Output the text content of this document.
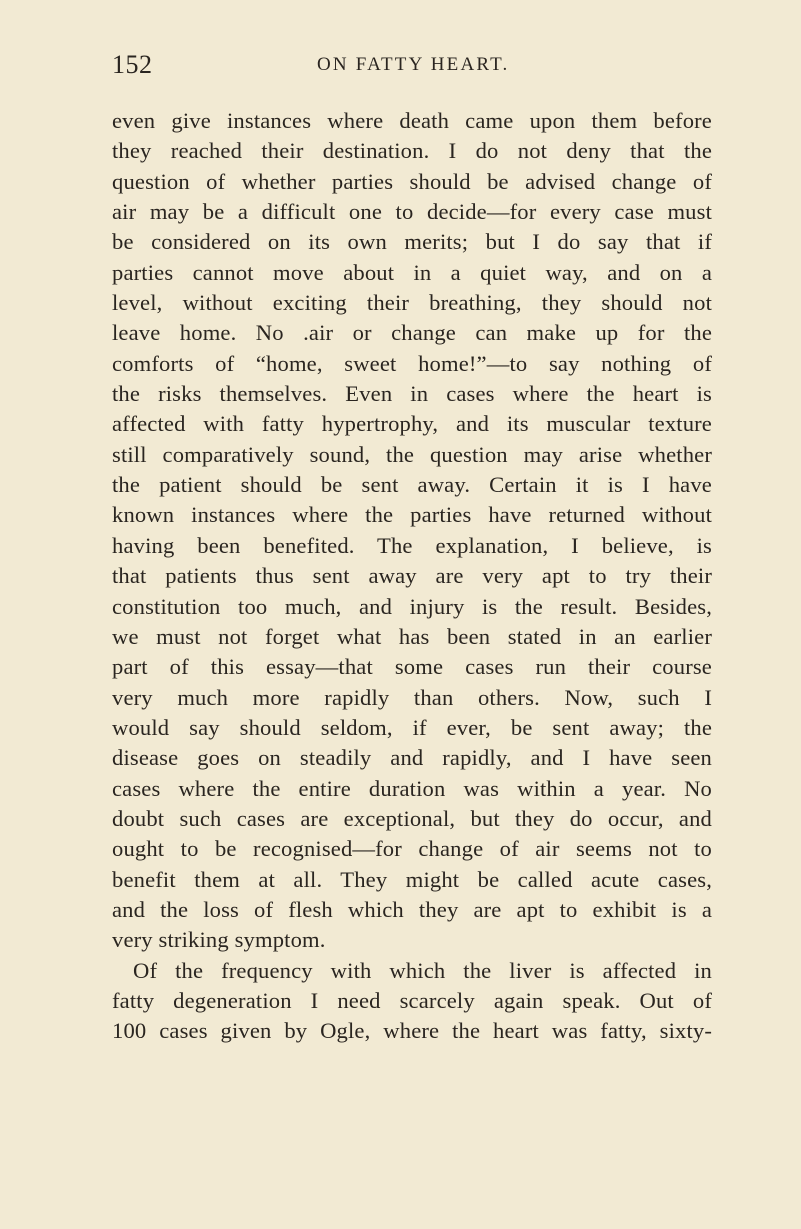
152	ON FATTY HEART.
even give instances where death came upon them before
they reached their destination. I do not deny that the
question of whether parties should be advised change of
air may be a difficult one to decide—for every case must
be considered on its own merits; but I do say that if
parties cannot move about in a quiet way, and on a
level, without exciting their breathing, they should not
leave home. No .air or change can make up for the
comforts of “home, sweet home!”—to say nothing of
the risks themselves. Even in cases where the heart is
affected with fatty hypertrophy, and its muscular texture
still comparatively sound, the question may arise whether
the patient should be sent away. Certain it is I have
known instances where the parties have returned without
having been benefited. The explanation, I believe, is
that patients thus sent away are very apt to try their
constitution too much, and injury is the result. Besides,
we must not forget what has been stated in an earlier
part of this essay—that some cases run their course
very much more rapidly than others. Now, such I
would say should seldom, if ever, be sent away; the
disease goes on steadily and rapidly, and I have seen
cases where the entire duration was within a year. No
doubt such cases are exceptional, but they do occur, and
ought to be recognised—for change of air seems not to
benefit them at all. They might be called acute cases,
and the loss of flesh which they are apt to exhibit is a
very striking symptom.
Of the frequency with which the liver is affected in
fatty degeneration I need scarcely again speak. Out of
100 cases given by Ogle, where the heart was fatty, sixty-
